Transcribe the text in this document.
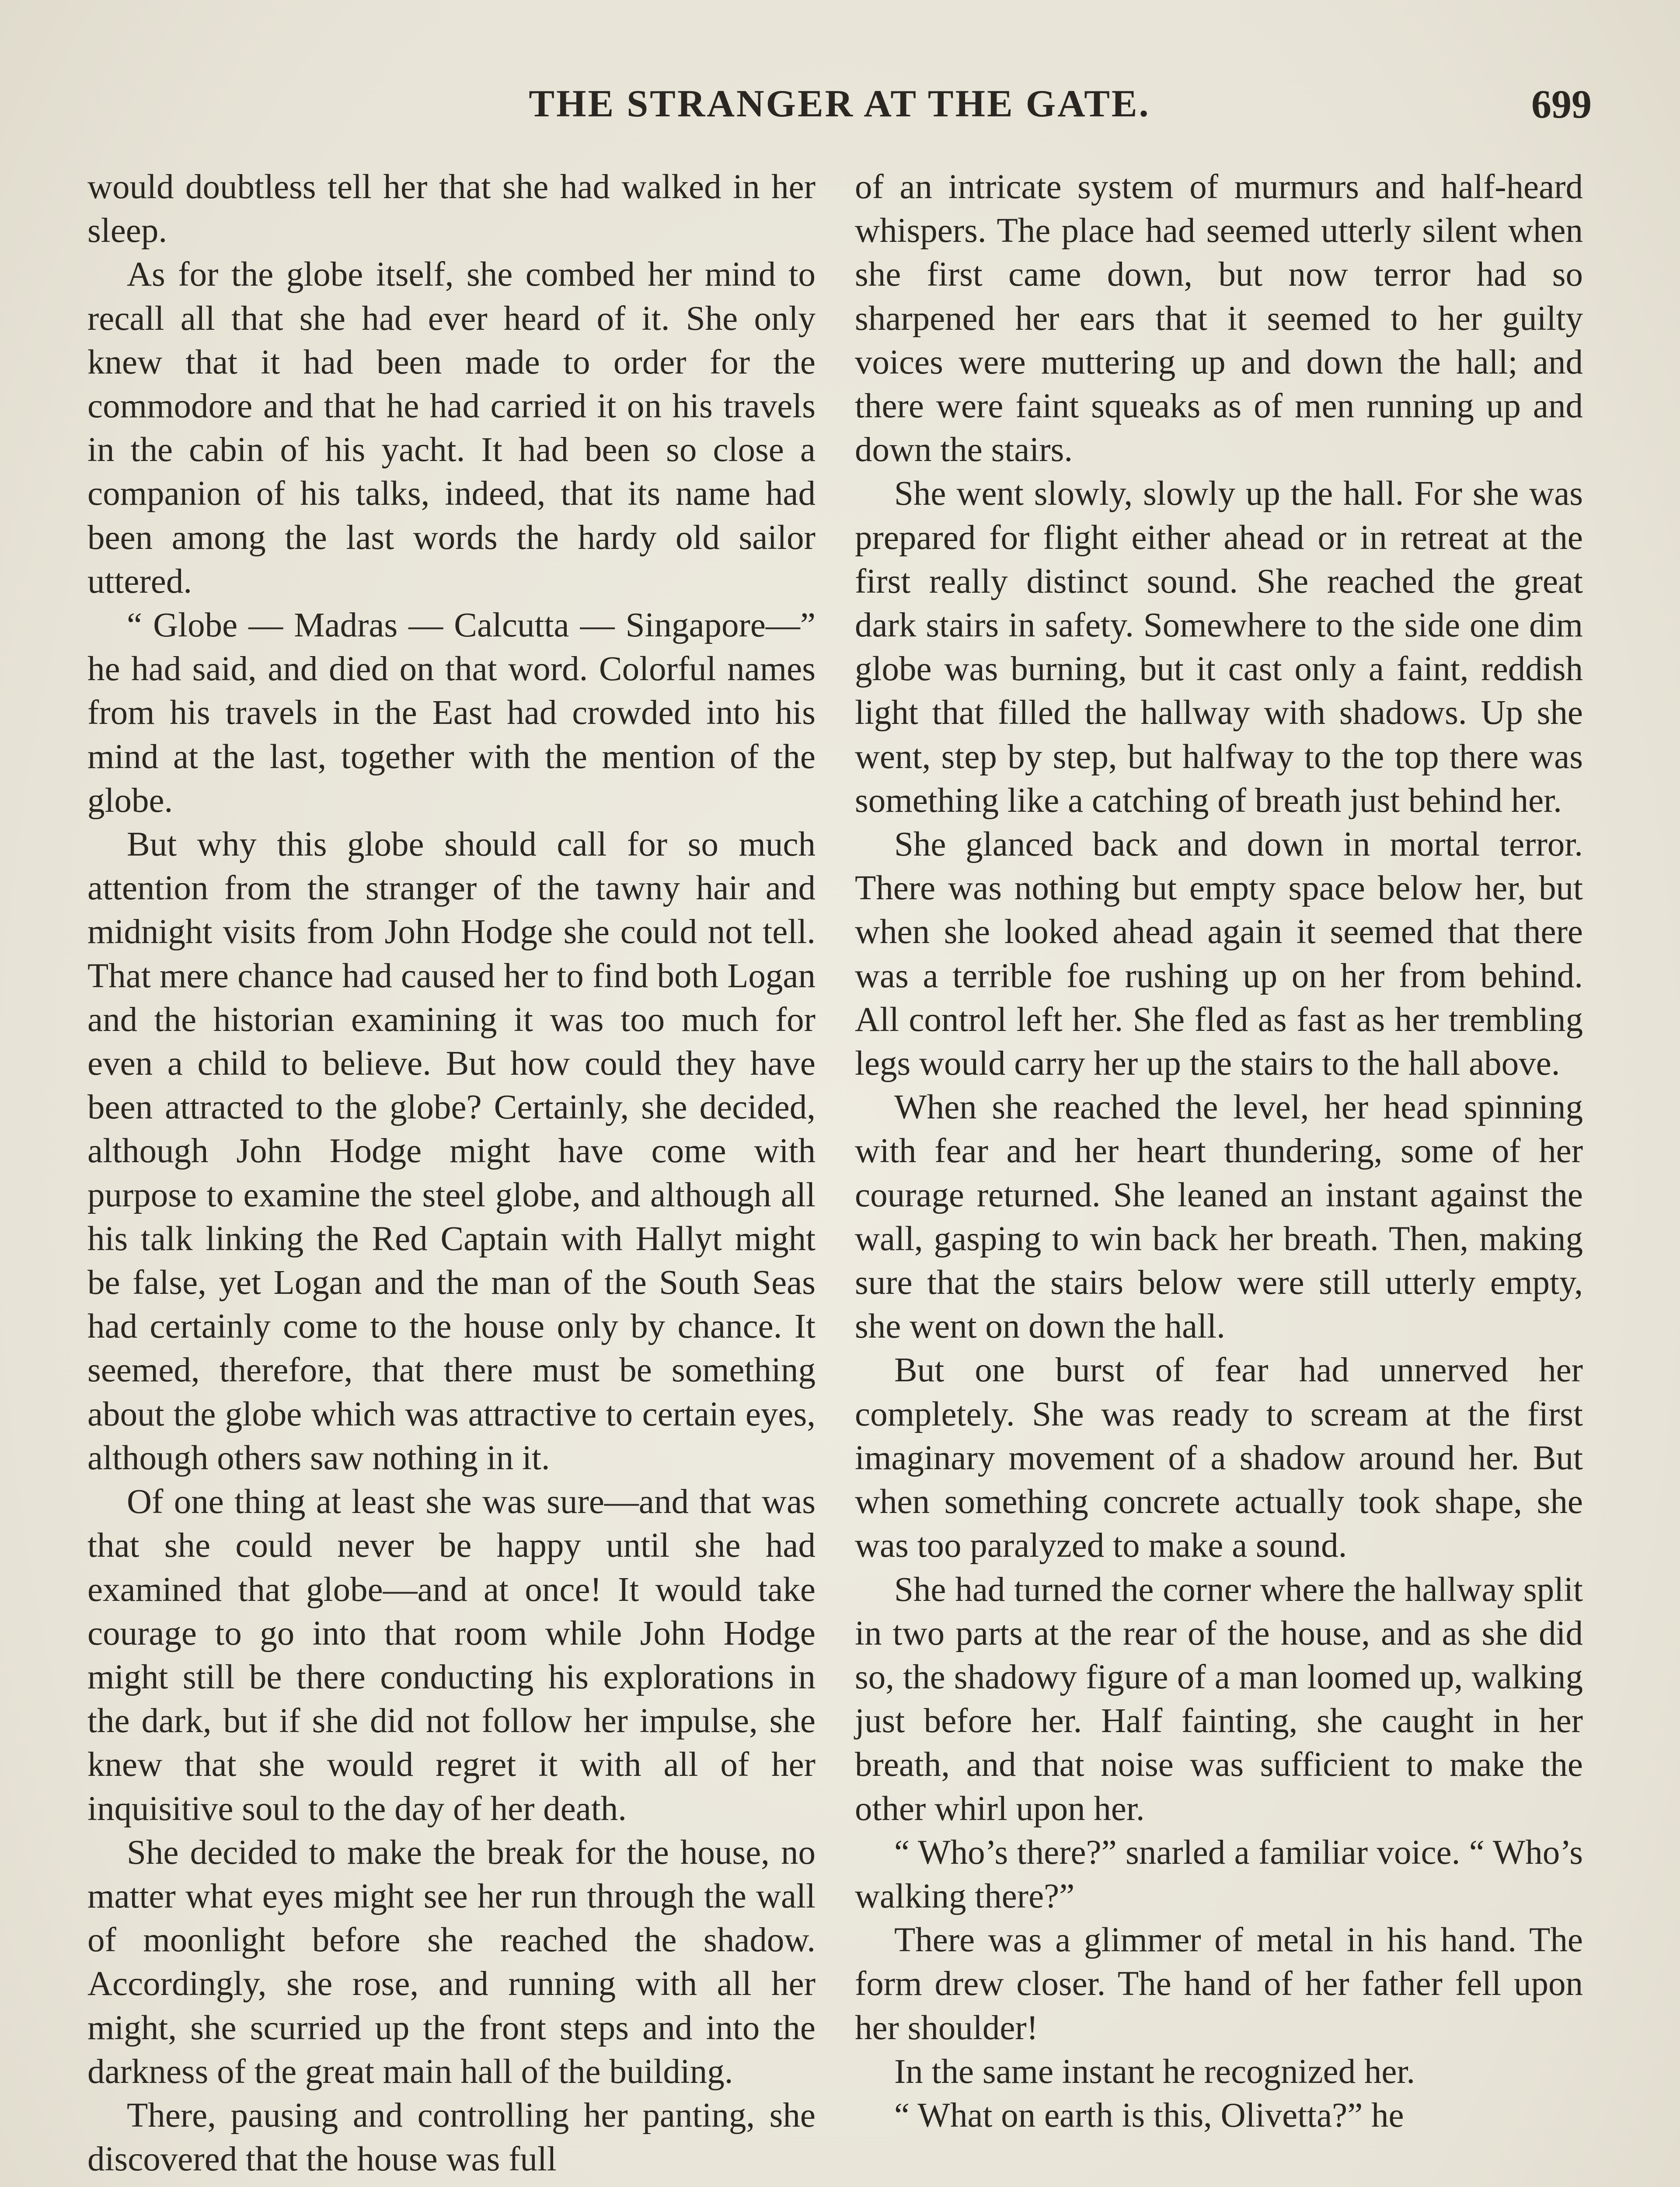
THE STRANGER AT THE GATE.	699

would doubtless tell her that she had walked in her sleep.

As for the globe itself, she combed her mind to recall all that she had ever heard of it. She only knew that it had been made to order for the commodore and that he had carried it on his travels in the cabin of his yacht. It had been so close a companion of his talks, indeed, that its name had been among the last words the hardy old sailor uttered.

“ Globe — Madras — Calcutta — Singapore—” he had said, and died on that word. Colorful names from his travels in the East had crowded into his mind at the last, together with the mention of the globe.

But why this globe should call for so much attention from the stranger of the tawny hair and midnight visits from John Hodge she could not tell. That mere chance had caused her to find both Logan and the historian examining it was too much for even a child to believe. But how could they have been attracted to the globe? Certainly, she decided, although John Hodge might have come with purpose to examine the steel globe, and although all his talk linking the Red Captain with Hallyt might be false, yet Logan and the man of the South Seas had certainly come to the house only by chance. It seemed, therefore, that there must be something about the globe which was attractive to certain eyes, although others saw nothing in it.

Of one thing at least she was sure—and that was that she could never be happy until she had examined that globe—and at once! It would take courage to go into that room while John Hodge might still be there conducting his explorations in the dark, but if she did not follow her impulse, she knew that she would regret it with all of her inquisitive soul to the day of her death.

She decided to make the break for the house, no matter what eyes might see her run through the wall of moonlight before she reached the shadow. Accordingly, she rose, and running with all her might, she scurried up the front steps and into the darkness of the great main hall of the building.

There, pausing and controlling her panting, she discovered that the house was full

of an intricate system of murmurs and half-heard whispers. The place had seemed utterly silent when she first came down, but now terror had so sharpened her ears that it seemed to her guilty voices were muttering up and down the hall; and there were faint squeaks as of men running up and down the stairs.

She went slowly, slowly up the hall. For she was prepared for flight either ahead or in retreat at the first really distinct sound. She reached the great dark stairs in safety. Somewhere to the side one dim globe was burning, but it cast only a faint, reddish light that filled the hallway with shadows. Up she went, step by step, but halfway to the top there was something like a catching of breath just behind her.

She glanced back and down in mortal terror. There was nothing but empty space below her, but when she looked ahead again it seemed that there was a terrible foe rushing up on her from behind. All control left her. She fled as fast as her trembling legs would carry her up the stairs to the hall above.

When she reached the level, her head spinning with fear and her heart thundering, some of her courage returned. She leaned an instant against the wall, gasping to win back her breath. Then, making sure that the stairs below were still utterly empty, she went on down the hall.

But one burst of fear had unnerved her completely. She was ready to scream at the first imaginary movement of a shadow around her. But when something concrete actually took shape, she was too paralyzed to make a sound.

She had turned the corner where the hallway split in two parts at the rear of the house, and as she did so, the shadowy figure of a man loomed up, walking just before her. Half fainting, she caught in her breath, and that noise was sufficient to make the other whirl upon her.

“ Who’s there?” snarled a familiar voice. “ Who’s walking there?”

There was a glimmer of metal in his hand. The form drew closer. The hand of her father fell upon her shoulder!

In the same instant he recognized her.

“ What on earth is this, Olivetta?” he
